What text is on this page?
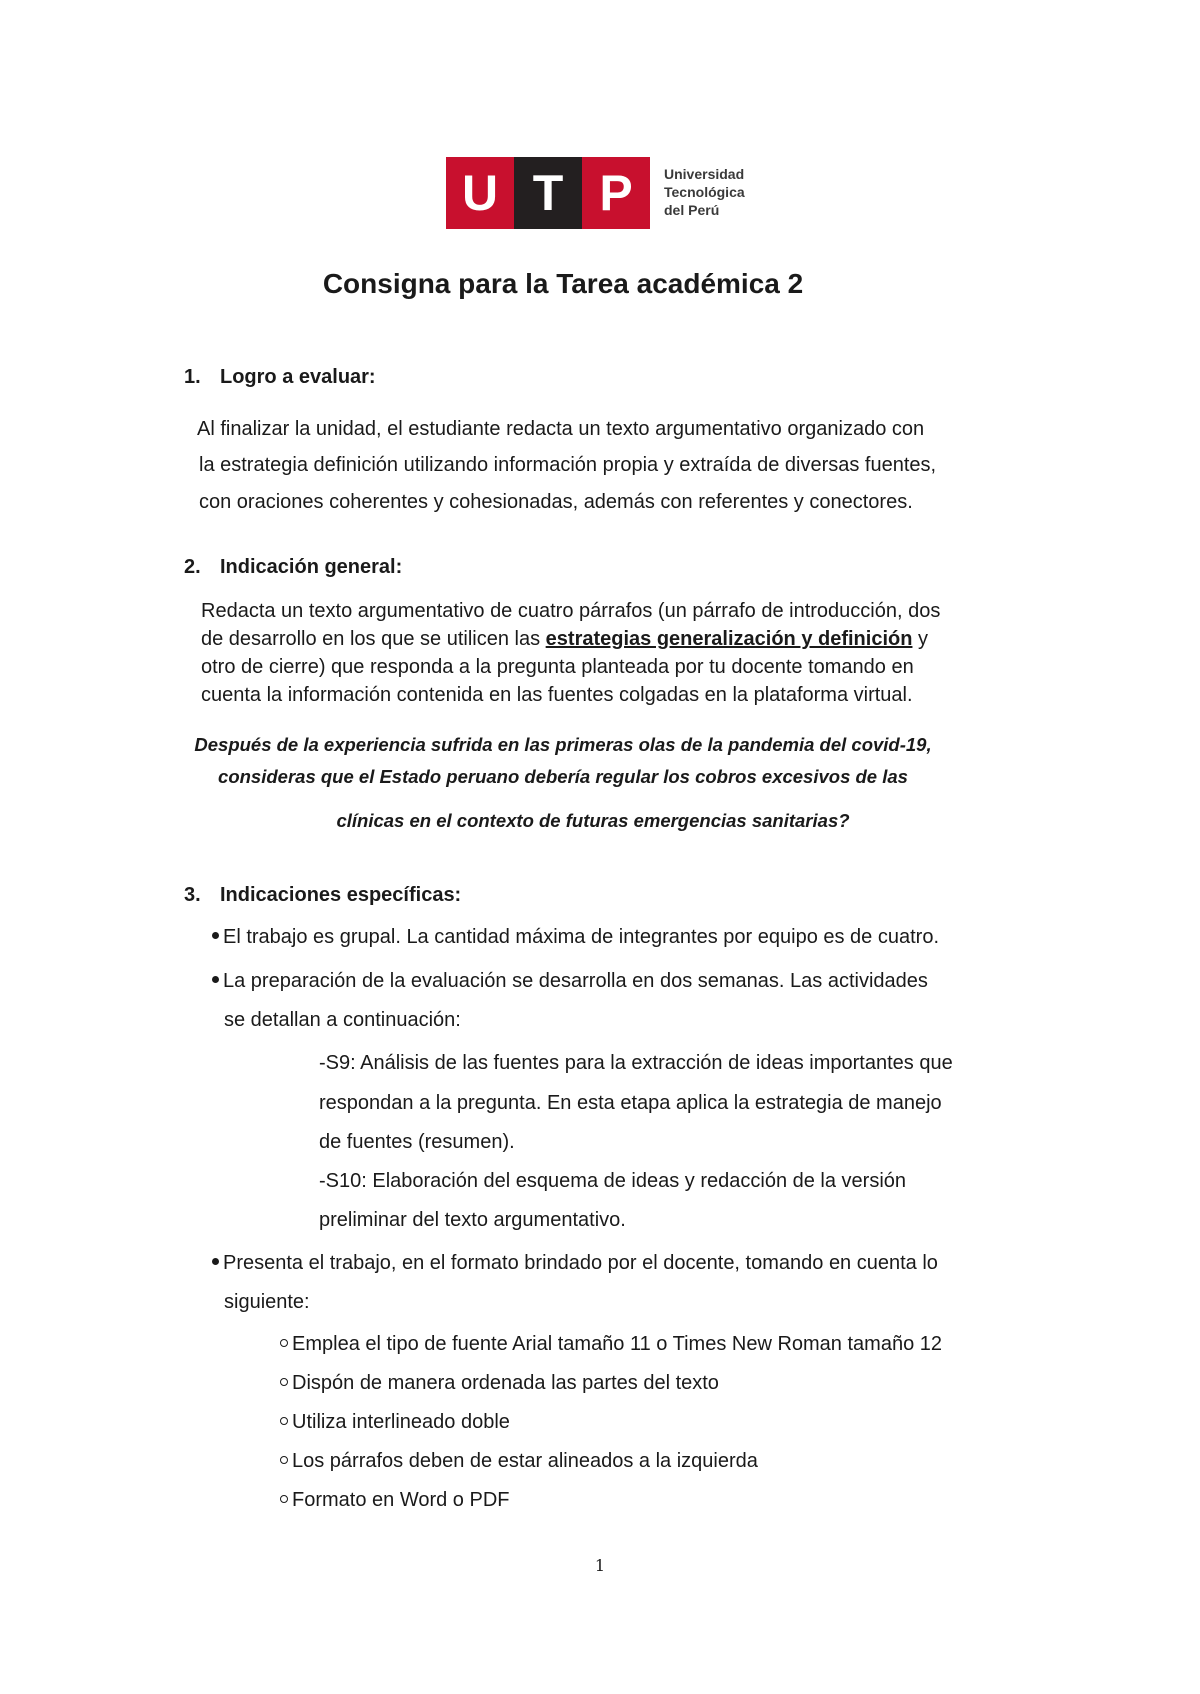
U T P	Universidad
Tecnológica
del Perú
Consigna para la Tarea académica 2
1. Logro a evaluar:
Al finalizar la unidad, el estudiante redacta un texto argumentativo organizado con
la estrategia definición utilizando información propia y extraída de diversas fuentes,
con oraciones coherentes y cohesionadas, además con referentes y conectores.
2. Indicación general:
Redacta un texto argumentativo de cuatro párrafos (un párrafo de introducción, dos
de desarrollo en los que se utilicen las estrategias generalización y definición y
otro de cierre) que responda a la pregunta planteada por tu docente tomando en
cuenta la información contenida en las fuentes colgadas en la plataforma virtual.
Después de la experiencia sufrida en las primeras olas de la pandemia del covid-19,
consideras que el Estado peruano debería regular los cobros excesivos de las
clínicas en el contexto de futuras emergencias sanitarias?
3. Indicaciones específicas:
El trabajo es grupal. La cantidad máxima de integrantes por equipo es de cuatro.
La preparación de la evaluación se desarrolla en dos semanas. Las actividades
se detallan a continuación:
-S9: Análisis de las fuentes para la extracción de ideas importantes que
respondan a la pregunta. En esta etapa aplica la estrategia de manejo
de fuentes (resumen).
-S10: Elaboración del esquema de ideas y redacción de la versión
preliminar del texto argumentativo.
Presenta el trabajo, en el formato brindado por el docente, tomando en cuenta lo
siguiente:
Emplea el tipo de fuente Arial tamaño 11 o Times New Roman tamaño 12
Dispón de manera ordenada las partes del texto
Utiliza interlineado doble
Los párrafos deben de estar alineados a la izquierda
Formato en Word o PDF
1
